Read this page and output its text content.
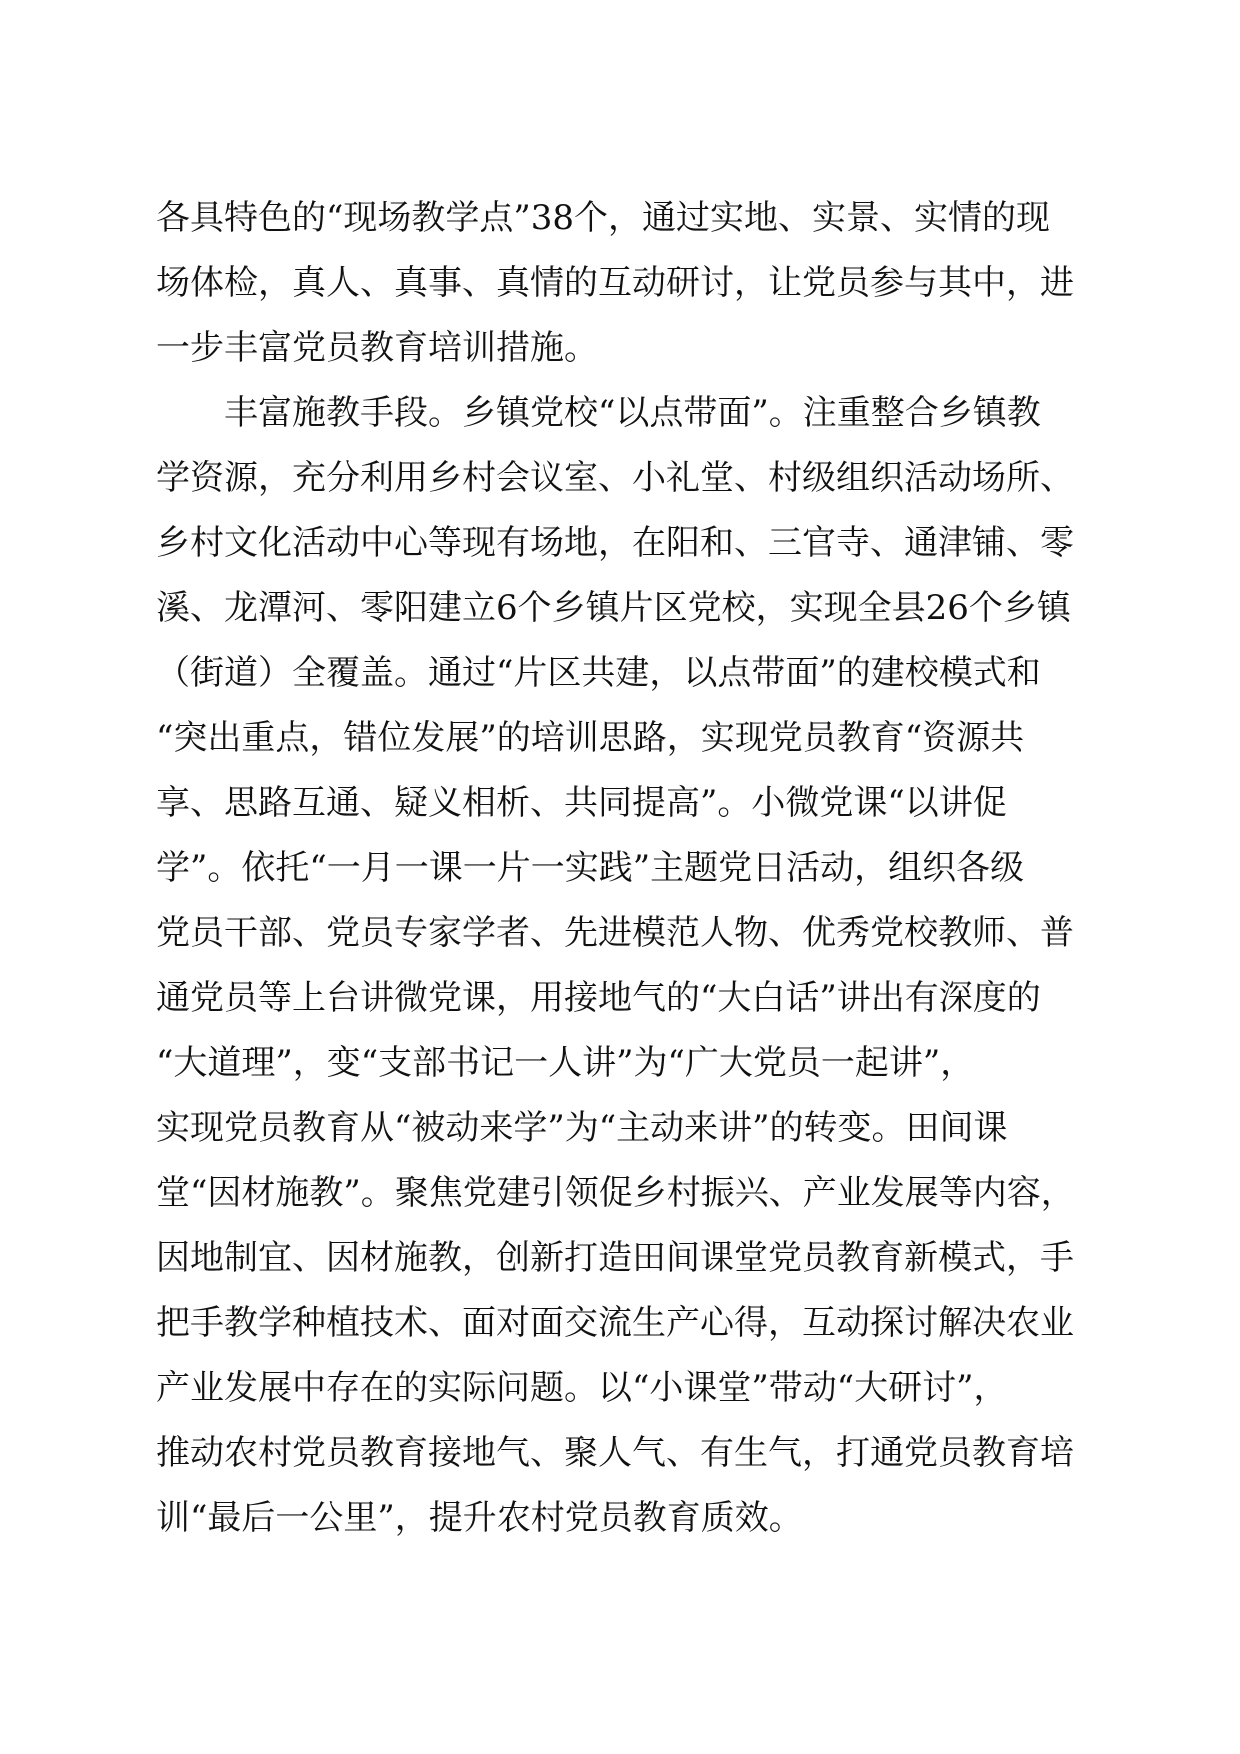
各具特色的“现场教学点”38个，通过实地、实景、实情的现
场体检，真人、真事、真情的互动研讨，让党员参与其中，进
一步丰富党员教育培训措施。
丰富施教手段。乡镇党校“以点带面”。注重整合乡镇教
学资源，充分利用乡村会议室、小礼堂、村级组织活动场所、
乡村文化活动中心等现有场地，在阳和、三官寺、通津铺、零
溪、龙潭河、零阳建立6个乡镇片区党校，实现全县26个乡镇
（街道）全覆盖。通过“片区共建，以点带面”的建校模式和
“突出重点，错位发展”的培训思路，实现党员教育“资源共
享、思路互通、疑义相析、共同提高”。小微党课“以讲促
学”。依托“一月一课一片一实践”主题党日活动，组织各级
党员干部、党员专家学者、先进模范人物、优秀党校教师、普
通党员等上台讲微党课，用接地气的“大白话”讲出有深度的
“大道理”，变“支部书记一人讲”为“广大党员一起讲”，
实现党员教育从“被动来学”为“主动来讲”的转变。田间课
堂“因材施教”。聚焦党建引领促乡村振兴、产业发展等内容，
因地制宜、因材施教，创新打造田间课堂党员教育新模式，手
把手教学种植技术、面对面交流生产心得，互动探讨解决农业
产业发展中存在的实际问题。以“小课堂”带动“大研讨”，
推动农村党员教育接地气、聚人气、有生气，打通党员教育培
训“最后一公里”，提升农村党员教育质效。
